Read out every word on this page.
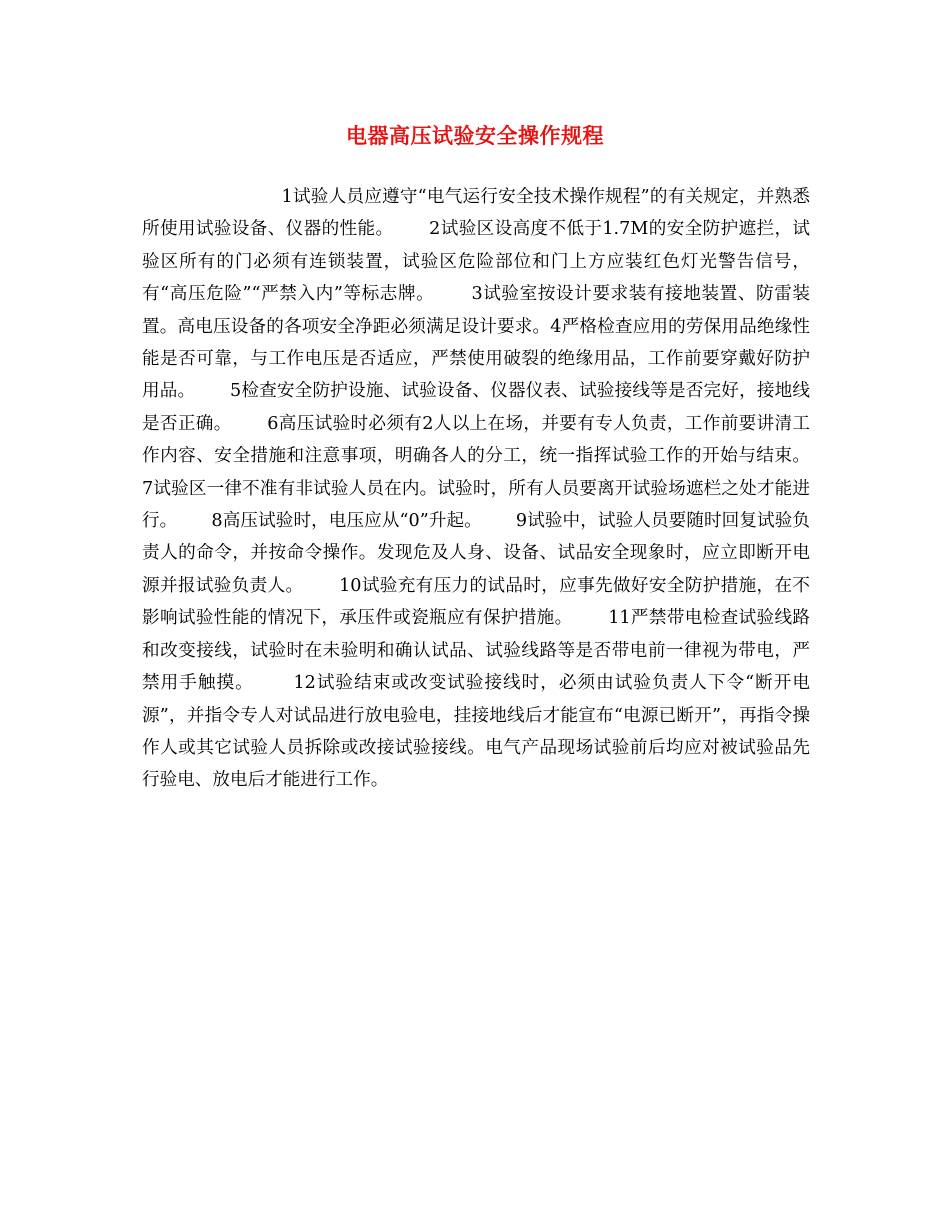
电器高压试验安全操作规程
1试验人员应遵守“电气运行安全技术操作规程”的有关规定，并熟悉所使用试验设备、仪器的性能。      2试验区设高度不低于1.7M的安全防护遮拦，试验区所有的门必须有连锁装置，试验区危险部位和门上方应装红色灯光警告信号，有“高压危险”“严禁入内”等标志牌。      3试验室按设计要求装有接地装置、防雷装置。高电压设备的各项安全净距必须满足设计要求。4严格检查应用的劳保用品绝缘性能是否可靠，与工作电压是否适应，严禁使用破裂的绝缘用品，工作前要穿戴好防护用品。      5检查安全防护设施、试验设备、仪器仪表、试验接线等是否完好，接地线是否正确。      6高压试验时必须有2人以上在场，并要有专人负责，工作前要讲清工作内容、安全措施和注意事项，明确各人的分工，统一指挥试验工作的开始与结束。      7试验区一律不准有非试验人员在内。试验时，所有人员要离开试验场遮栏之处才能进行。      8高压试验时，电压应从“0”升起。      9试验中，试验人员要随时回复试验负责人的命令，并按命令操作。发现危及人身、设备、试品安全现象时，应立即断开电源并报试验负责人。      10试验充有压力的试品时，应事先做好安全防护措施，在不影响试验性能的情况下，承压件或瓷瓶应有保护措施。      11严禁带电检查试验线路和改变接线，试验时在未验明和确认试品、试验线路等是否带电前一律视为带电，严禁用手触摸。      12试验结束或改变试验接线时，必须由试验负责人下令“断开电源”，并指令专人对试品进行放电验电，挂接地线后才能宣布“电源已断开”，再指令操作人或其它试验人员拆除或改接试验接线。电气产品现场试验前后均应对被试验品先行验电、放电后才能进行工作。
